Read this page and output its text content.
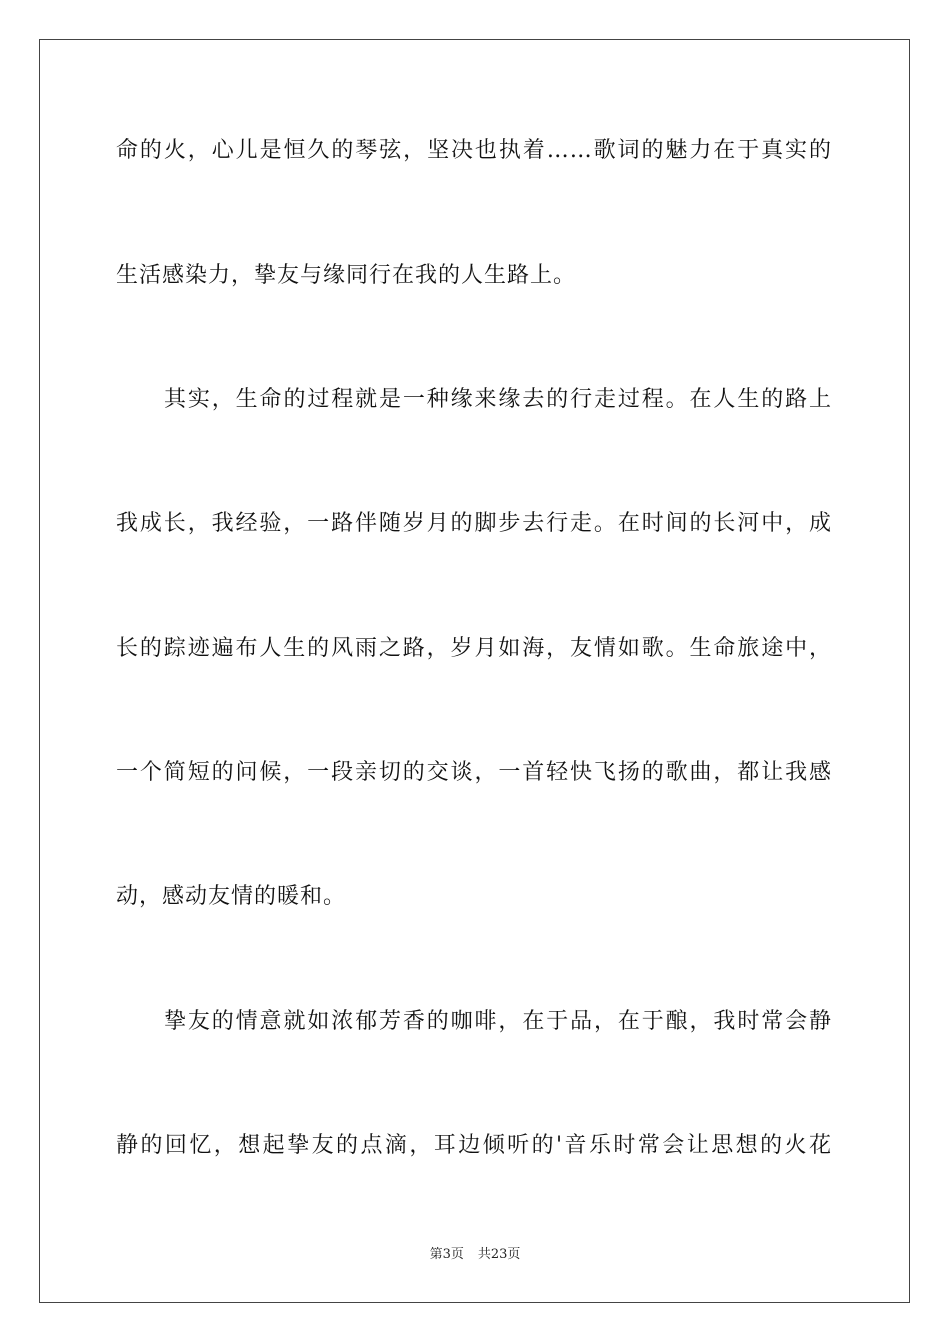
命的火，心儿是恒久的琴弦，坚决也执着……歌词的魅力在于真实的
生活感染力，挚友与缘同行在我的人生路上。
其实，生命的过程就是一种缘来缘去的行走过程。在人生的路上
我成长，我经验，一路伴随岁月的脚步去行走。在时间的长河中，成
长的踪迹遍布人生的风雨之路，岁月如海，友情如歌。生命旅途中，
一个简短的问候，一段亲切的交谈，一首轻快飞扬的歌曲，都让我感
动，感动友情的暖和。
挚友的情意就如浓郁芳香的咖啡，在于品，在于酿，我时常会静
静的回忆，想起挚友的点滴，耳边倾听的'音乐时常会让思想的火花
第3页 共23页
